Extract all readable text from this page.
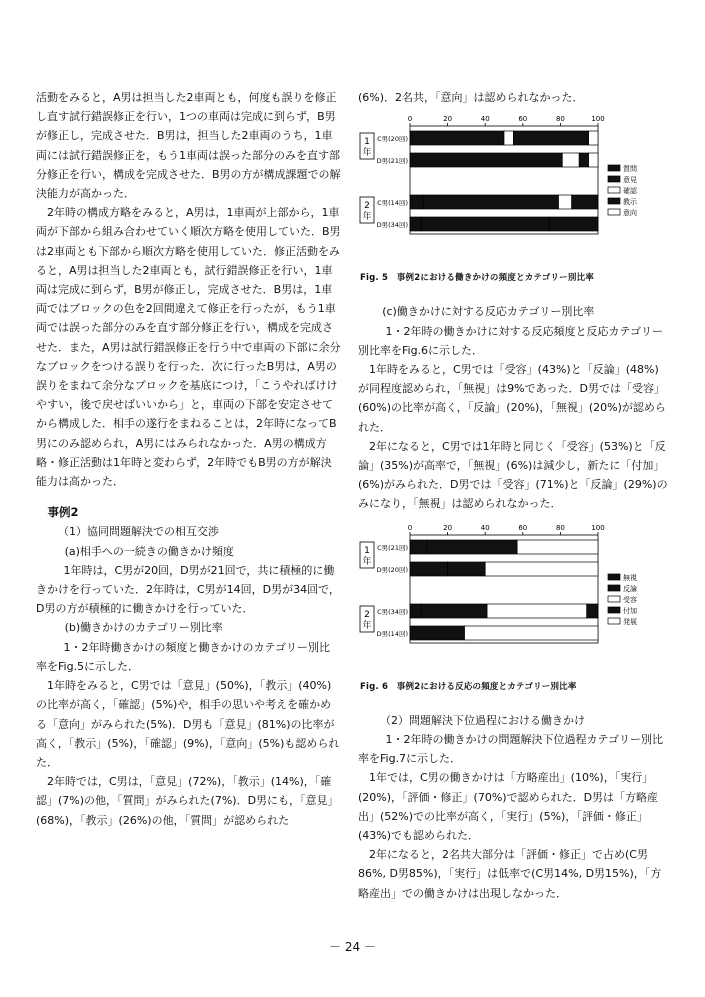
活動をみると，A男は担当した2車両とも，何度も誤りを修正し直す試行錯誤修正を行い，1つの車両は完成に到らず，B男が修正し，完成させた．B男は，担当した2車両のうち，1車両には試行錯誤修正を，もう1車両は誤った部分のみを直す部分修正を行い，構成を完成させた．B男の方が構成課題での解決能力が高かった．

2年時の構成方略をみると，A男は，1車両が上部から，1車両が下部から組み合わせていく順次方略を使用していた．B男は2車両とも下部から順次方略を使用していた．修正活動をみると，A男は担当した2車両とも，試行錯誤修正を行い，1車両は完成に到らず，B男が修正し，完成させた．B男は，1車両ではブロックの色を2回間違えて修正を行ったが，もう1車両では誤った部分のみを直す部分修正を行い，構成を完成させた．また，A男は試行錯誤修正を行う中で車両の下部に余分なブロックをつける誤りを行った．次に行ったB男は，A男の誤りをまねて余分なブロックを基底につけ，「こうやればけけやすい，後で戻せばいいから」と，車両の下部を安定させてから構成した．相手の遂行をまねることは，2年時になってB男にのみ認められ，A男にはみられなかった．A男の構成方略・修正活動は1年時と変わらず，2年時でもB男の方が解決能力は高かった．

事例2

（1）協同問題解決での相互交渉

(a)相手への一続きの働きかけ頻度

1年時は，C男が20回，D男が21回で，共に積極的に働きかけを行っていた．2年時は，C男が14回，D男が34回で，D男の方が積極的に働きかけを行っていた．

(b)働きかけのカテゴリー別比率

1・2年時働きかけの頻度と働きかけのカテゴリー別比率をFig.5に示した．

1年時をみると，C男では「意見」(50%)，「教示」(40%)の比率が高く，「確認」(5%)や，相手の思いや考えを確かめる「意向」がみられた(5%)．D男も「意見」(81%)の比率が高く，「教示」(5%)，「確認」(9%)，「意向」(5%)も認められた．

2年時では，C男は，「意見」(72%)，「教示」(14%)，「確認」(7%)の他，「質問」がみられた(7%)．D男にも，「意見」(68%)，「教示」(26%)の他，「質問」が認められた

(6%)．2名共，「意向」は認められなかった．

0	20	40	60	80	100
1
年
2
年
C男(20回)
D男(21回)
C男(14回)
D男(34回)
質問
意見
確認
教示
意向
Fig. 5　事例2における働きかけの頻度とカテゴリー別比率

(c)働きかけに対する反応カテゴリー別比率

1・2年時の働きかけに対する反応頻度と反応カテゴリー別比率をFig.6に示した．

1年時をみると，C男では「受容」(43%)と「反論」(48%)が同程度認められ，「無視」は9%であった．D男では「受容」(60%)の比率が高く，「反論」(20%)，「無視」(20%)が認められた．

2年になると，C男では1年時と同じく「受容」(53%)と「反論」(35%)が高率で，「無視」(6%)は減少し，新たに「付加」(6%)がみられた．D男では「受容」(71%)と「反論」(29%)のみになり，「無視」は認められなかった．

0	20	40	60	80	100
1
年
2
年
C男(21回)
D男(20回)
C男(34回)
D男(14回)
無視
反論
受容
付加
発展
Fig. 6　事例2における反応の頻度とカテゴリー別比率

（2）問題解決下位過程における働きかけ

1・2年時の働きかけの問題解決下位過程カテゴリー別比率をFig.7に示した．

1年では，C男の働きかけは「方略産出」(10%)，「実行」(20%)，「評価・修正」(70%)で認められた．D男は「方略産出」(52%)での比率が高く，「実行」(5%)，「評価・修正」(43%)でも認められた．

2年になると，2名共大部分は「評価・修正」で占め(C男86%, D男85%)，「実行」は低率で(C男14%, D男15%)，「方略産出」での働きかけは出現しなかった．

－ 24 －
